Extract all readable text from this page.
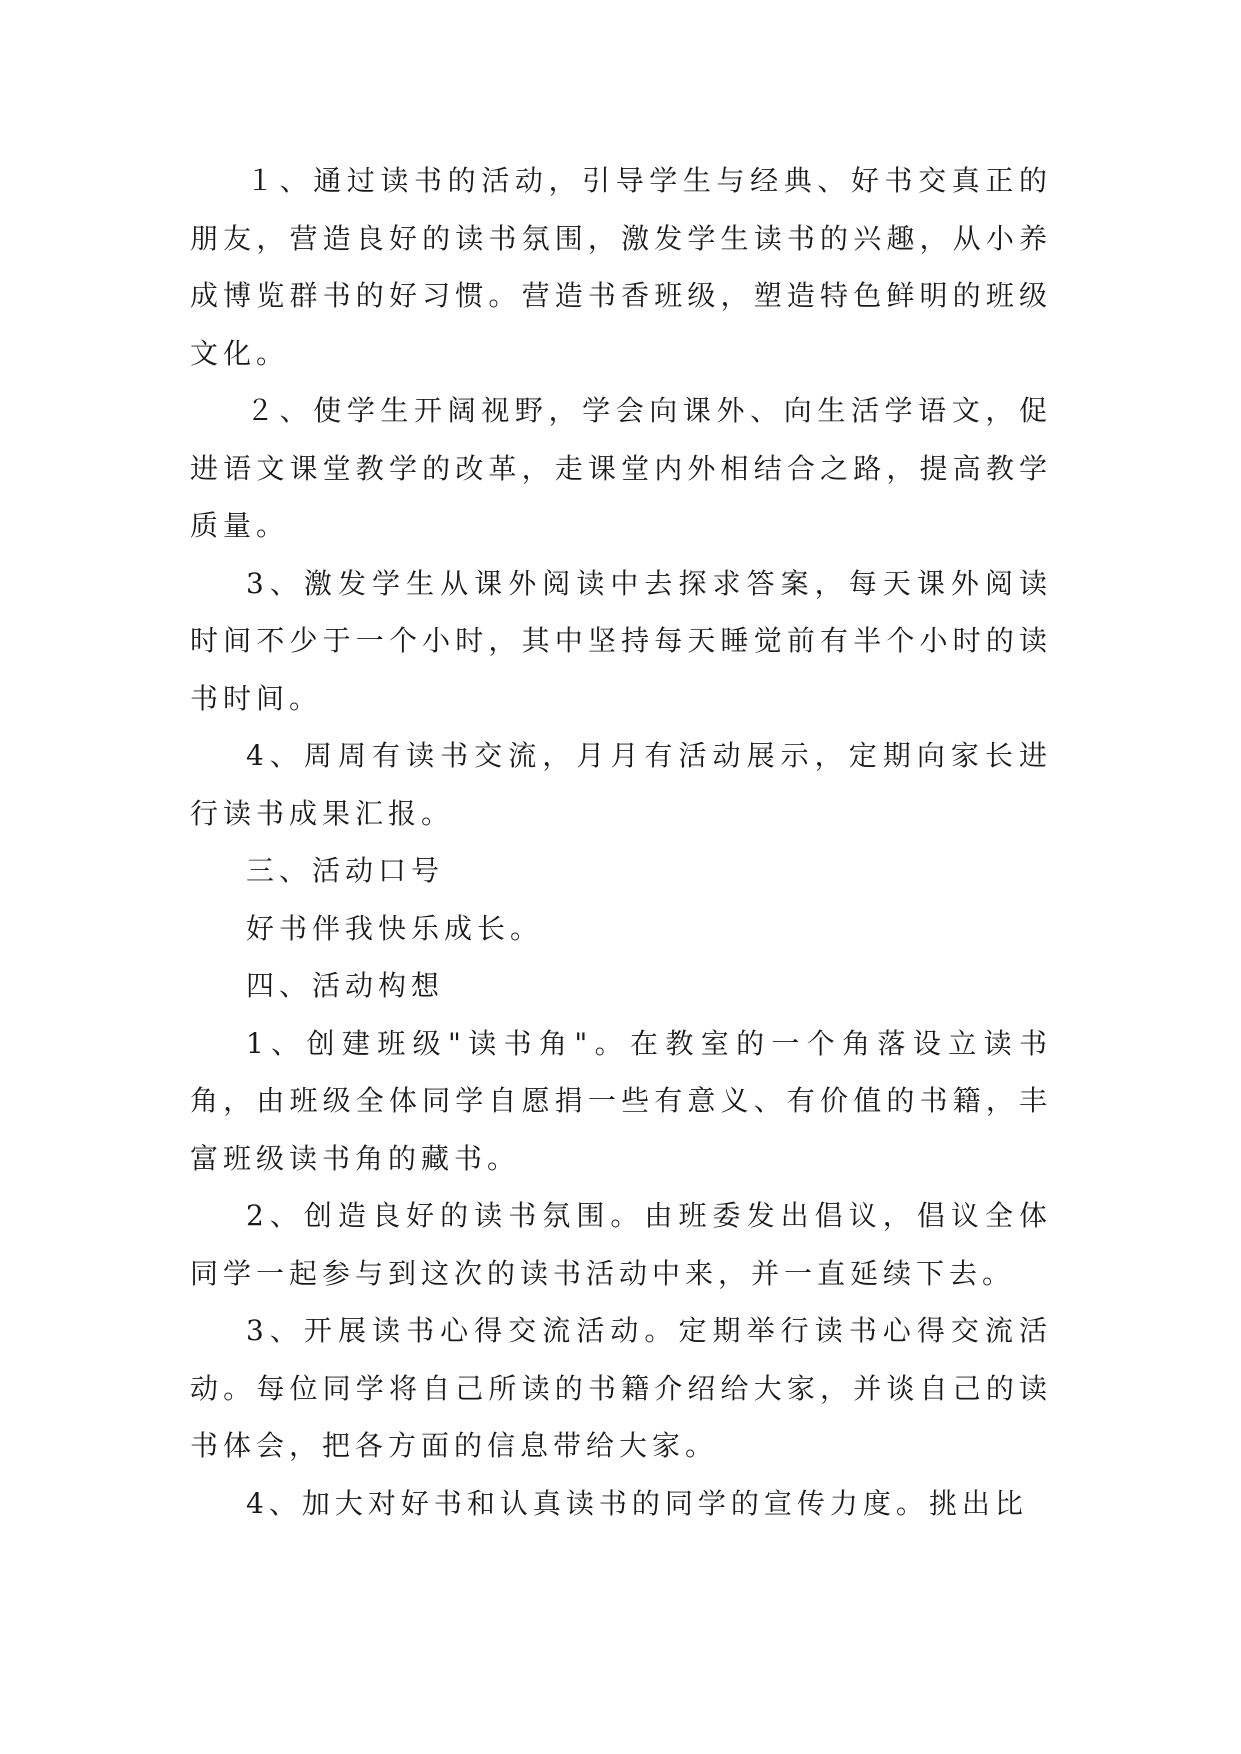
１、通过读书的活动，引导学生与经典、好书交真正的朋友，营造良好的读书氛围，激发学生读书的兴趣，从小养成博览群书的好习惯。营造书香班级，塑造特色鲜明的班级文化。

２、使学生开阔视野，学会向课外、向生活学语文，促进语文课堂教学的改革，走课堂内外相结合之路，提高教学质量。

3、激发学生从课外阅读中去探求答案，每天课外阅读时间不少于一个小时，其中坚持每天睡觉前有半个小时的读书时间。

4、周周有读书交流，月月有活动展示，定期向家长进行读书成果汇报。

三、活动口号

好书伴我快乐成长。

四、活动构想

1、创建班级"读书角"。在教室的一个角落设立读书角，由班级全体同学自愿捐一些有意义、有价值的书籍，丰富班级读书角的藏书。

2、创造良好的读书氛围。由班委发出倡议，倡议全体同学一起参与到这次的读书活动中来，并一直延续下去。

3、开展读书心得交流活动。定期举行读书心得交流活动。每位同学将自己所读的书籍介绍给大家，并谈自己的读书体会，把各方面的信息带给大家。

4、加大对好书和认真读书的同学的宣传力度。挑出比
